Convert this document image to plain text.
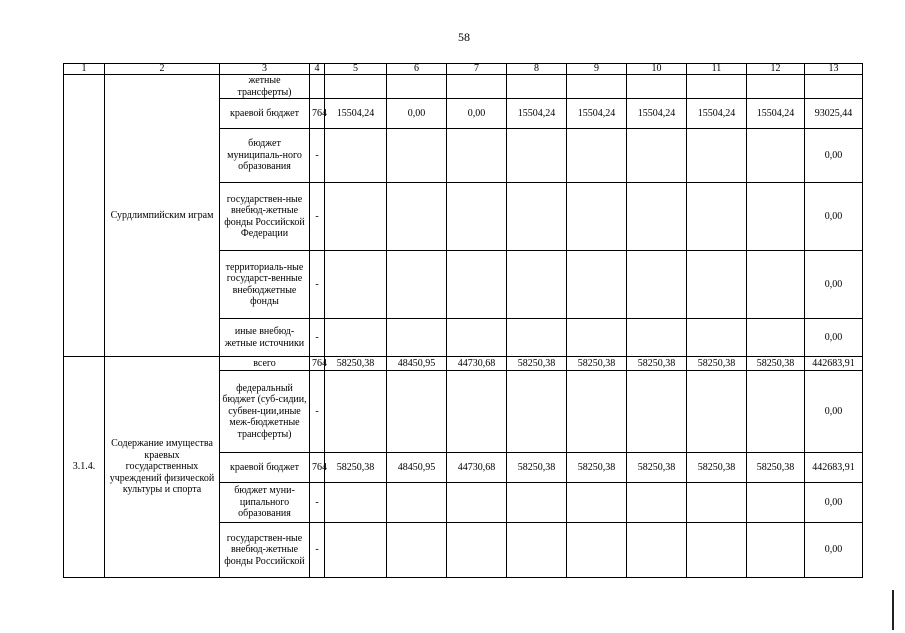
58
1	2	3	4	5	6	7	8	9	10	11	12	13
	Сурдлимпийским играм	жетные трансферты)										
		краевой бюджет	764	15504,24	0,00	0,00	15504,24	15504,24	15504,24	15504,24	15504,24	93025,44
		бюджет муниципаль-ного образования	-									0,00
		государствен-ные внебюд-жетные фонды Российской Федерации	-									0,00
		территориаль-ные государст-венные внебюджетные фонды	-									0,00
		иные внебюд-жетные источники	-									0,00
3.1.4.	Содержание имущества краевых государственных учреждений физической культуры и спорта	всего	764	58250,38	48450,95	44730,68	58250,38	58250,38	58250,38	58250,38	58250,38	442683,91
		федеральный бюджет (суб-сидии, субвен-ции,иные меж-бюджетные трансферты)	-									0,00
		краевой бюджет	764	58250,38	48450,95	44730,68	58250,38	58250,38	58250,38	58250,38	58250,38	442683,91
		бюджет муни-ципального образования	-									0,00
		государствен-ные внебюд-жетные фонды Российской	-									0,00
